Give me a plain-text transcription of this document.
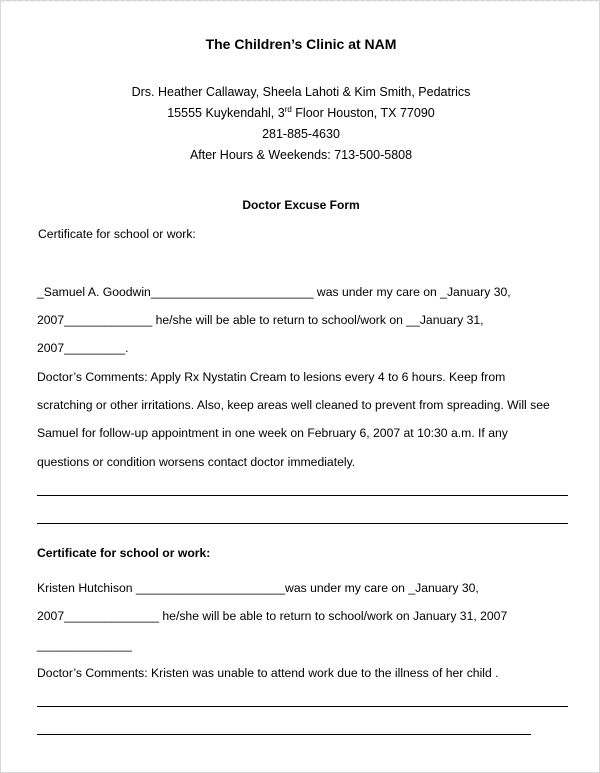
The Children’s Clinic at NAM
Drs. Heather Callaway, Sheela Lahoti & Kim Smith, Pedatrics
15555 Kuykendahl, 3rd Floor Houston, TX 77090
281-885-4630
After Hours & Weekends: 713-500-5808
Doctor Excuse Form
Certificate for school or work:
_Samuel A. Goodwin________________________ was under my care on _January 30,
2007_____________ he/she will be able to return to school/work on __January 31,
2007_________.
Doctor’s Comments: Apply Rx Nystatin Cream to lesions every 4 to 6 hours. Keep from
scratching or other irritations. Also, keep areas well cleaned to prevent from spreading. Will see
Samuel for follow-up appointment in one week on February 6, 2007 at 10:30 a.m. If any
questions or condition worsens contact doctor immediately.
Certificate for school or work:
Kristen Hutchison ______________________was under my care on _January 30,
2007______________ he/she will be able to return to school/work on January 31, 2007
______________
Doctor’s Comments: Kristen was unable to attend work due to the illness of her child .
